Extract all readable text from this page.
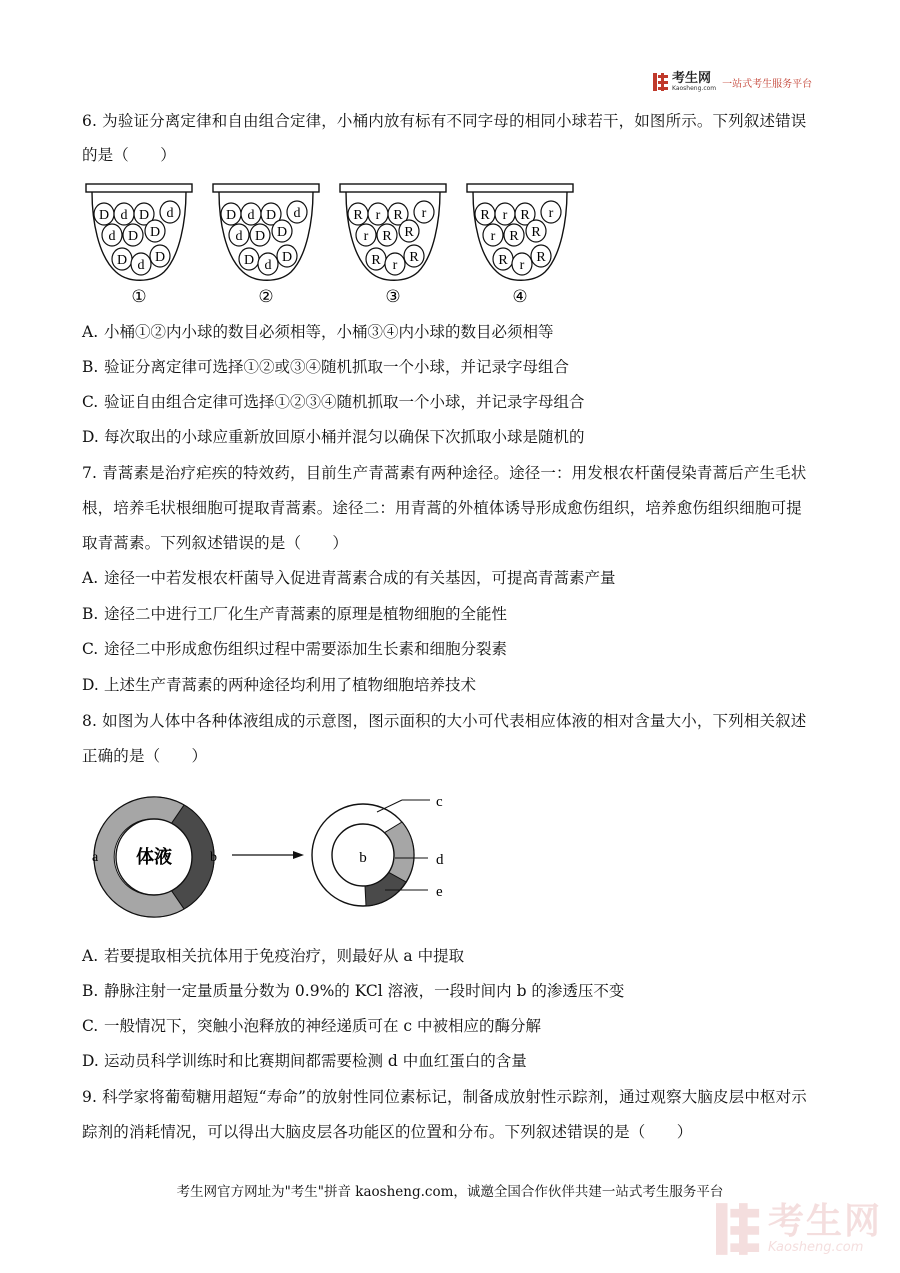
考生网
Kaosheng.com 一站式考生服务平台
6. 为验证分离定律和自由组合定律，小桶内放有标有不同字母的相同小球若干，如图所示。下列叙述错误
的是（　　）
D d D d
d D D
D d
D
①
D d D d
d D D
D d
D
②
R r R r
r R R
R r
R
③
R r R r
r R R
R r
R
④
A. 小桶①②内小球的数目必须相等，小桶③④内小球的数目必须相等
B. 验证分离定律可选择①②或③④随机抓取一个小球，并记录字母组合
C. 验证自由组合定律可选择①②③④随机抓取一个小球，并记录字母组合
D. 每次取出的小球应重新放回原小桶并混匀以确保下次抓取小球是随机的
7. 青蒿素是治疗疟疾的特效药，目前生产青蒿素有两种途径。途径一：用发根农杆菌侵染青蒿后产生毛状
根，培养毛状根细胞可提取青蒿素。途径二：用青蒿的外植体诱导形成愈伤组织，培养愈伤组织细胞可提
取青蒿素。下列叙述错误的是（　　）
A. 途径一中若发根农杆菌导入促进青蒿素合成的有关基因，可提高青蒿素产量
B. 途径二中进行工厂化生产青蒿素的原理是植物细胞的全能性
C. 途径二中形成愈伤组织过程中需要添加生长素和细胞分裂素
D. 上述生产青蒿素的两种途径均利用了植物细胞培养技术
8. 如图为人体中各种体液组成的示意图，图示面积的大小可代表相应体液的相对含量大小，下列相关叙述
正确的是（　　）
体液
a	b	b
c
d
e
A. 若要提取相关抗体用于免疫治疗，则最好从 a 中提取
B. 静脉注射一定量质量分数为 0.9%的 KCl 溶液，一段时间内 b 的渗透压不变
C. 一般情况下，突触小泡释放的神经递质可在 c 中被相应的酶分解
D. 运动员科学训练时和比赛期间都需要检测 d 中血红蛋白的含量
9. 科学家将葡萄糖用超短“寿命”的放射性同位素标记，制备成放射性示踪剂，通过观察大脑皮层中枢对示
踪剂的消耗情况，可以得出大脑皮层各功能区的位置和分布。下列叙述错误的是（　　）
考生网官方网址为"考生"拼音 kaosheng.com，诚邀全国合作伙伴共建一站式考生服务平台
考生网
Kaosheng.com
